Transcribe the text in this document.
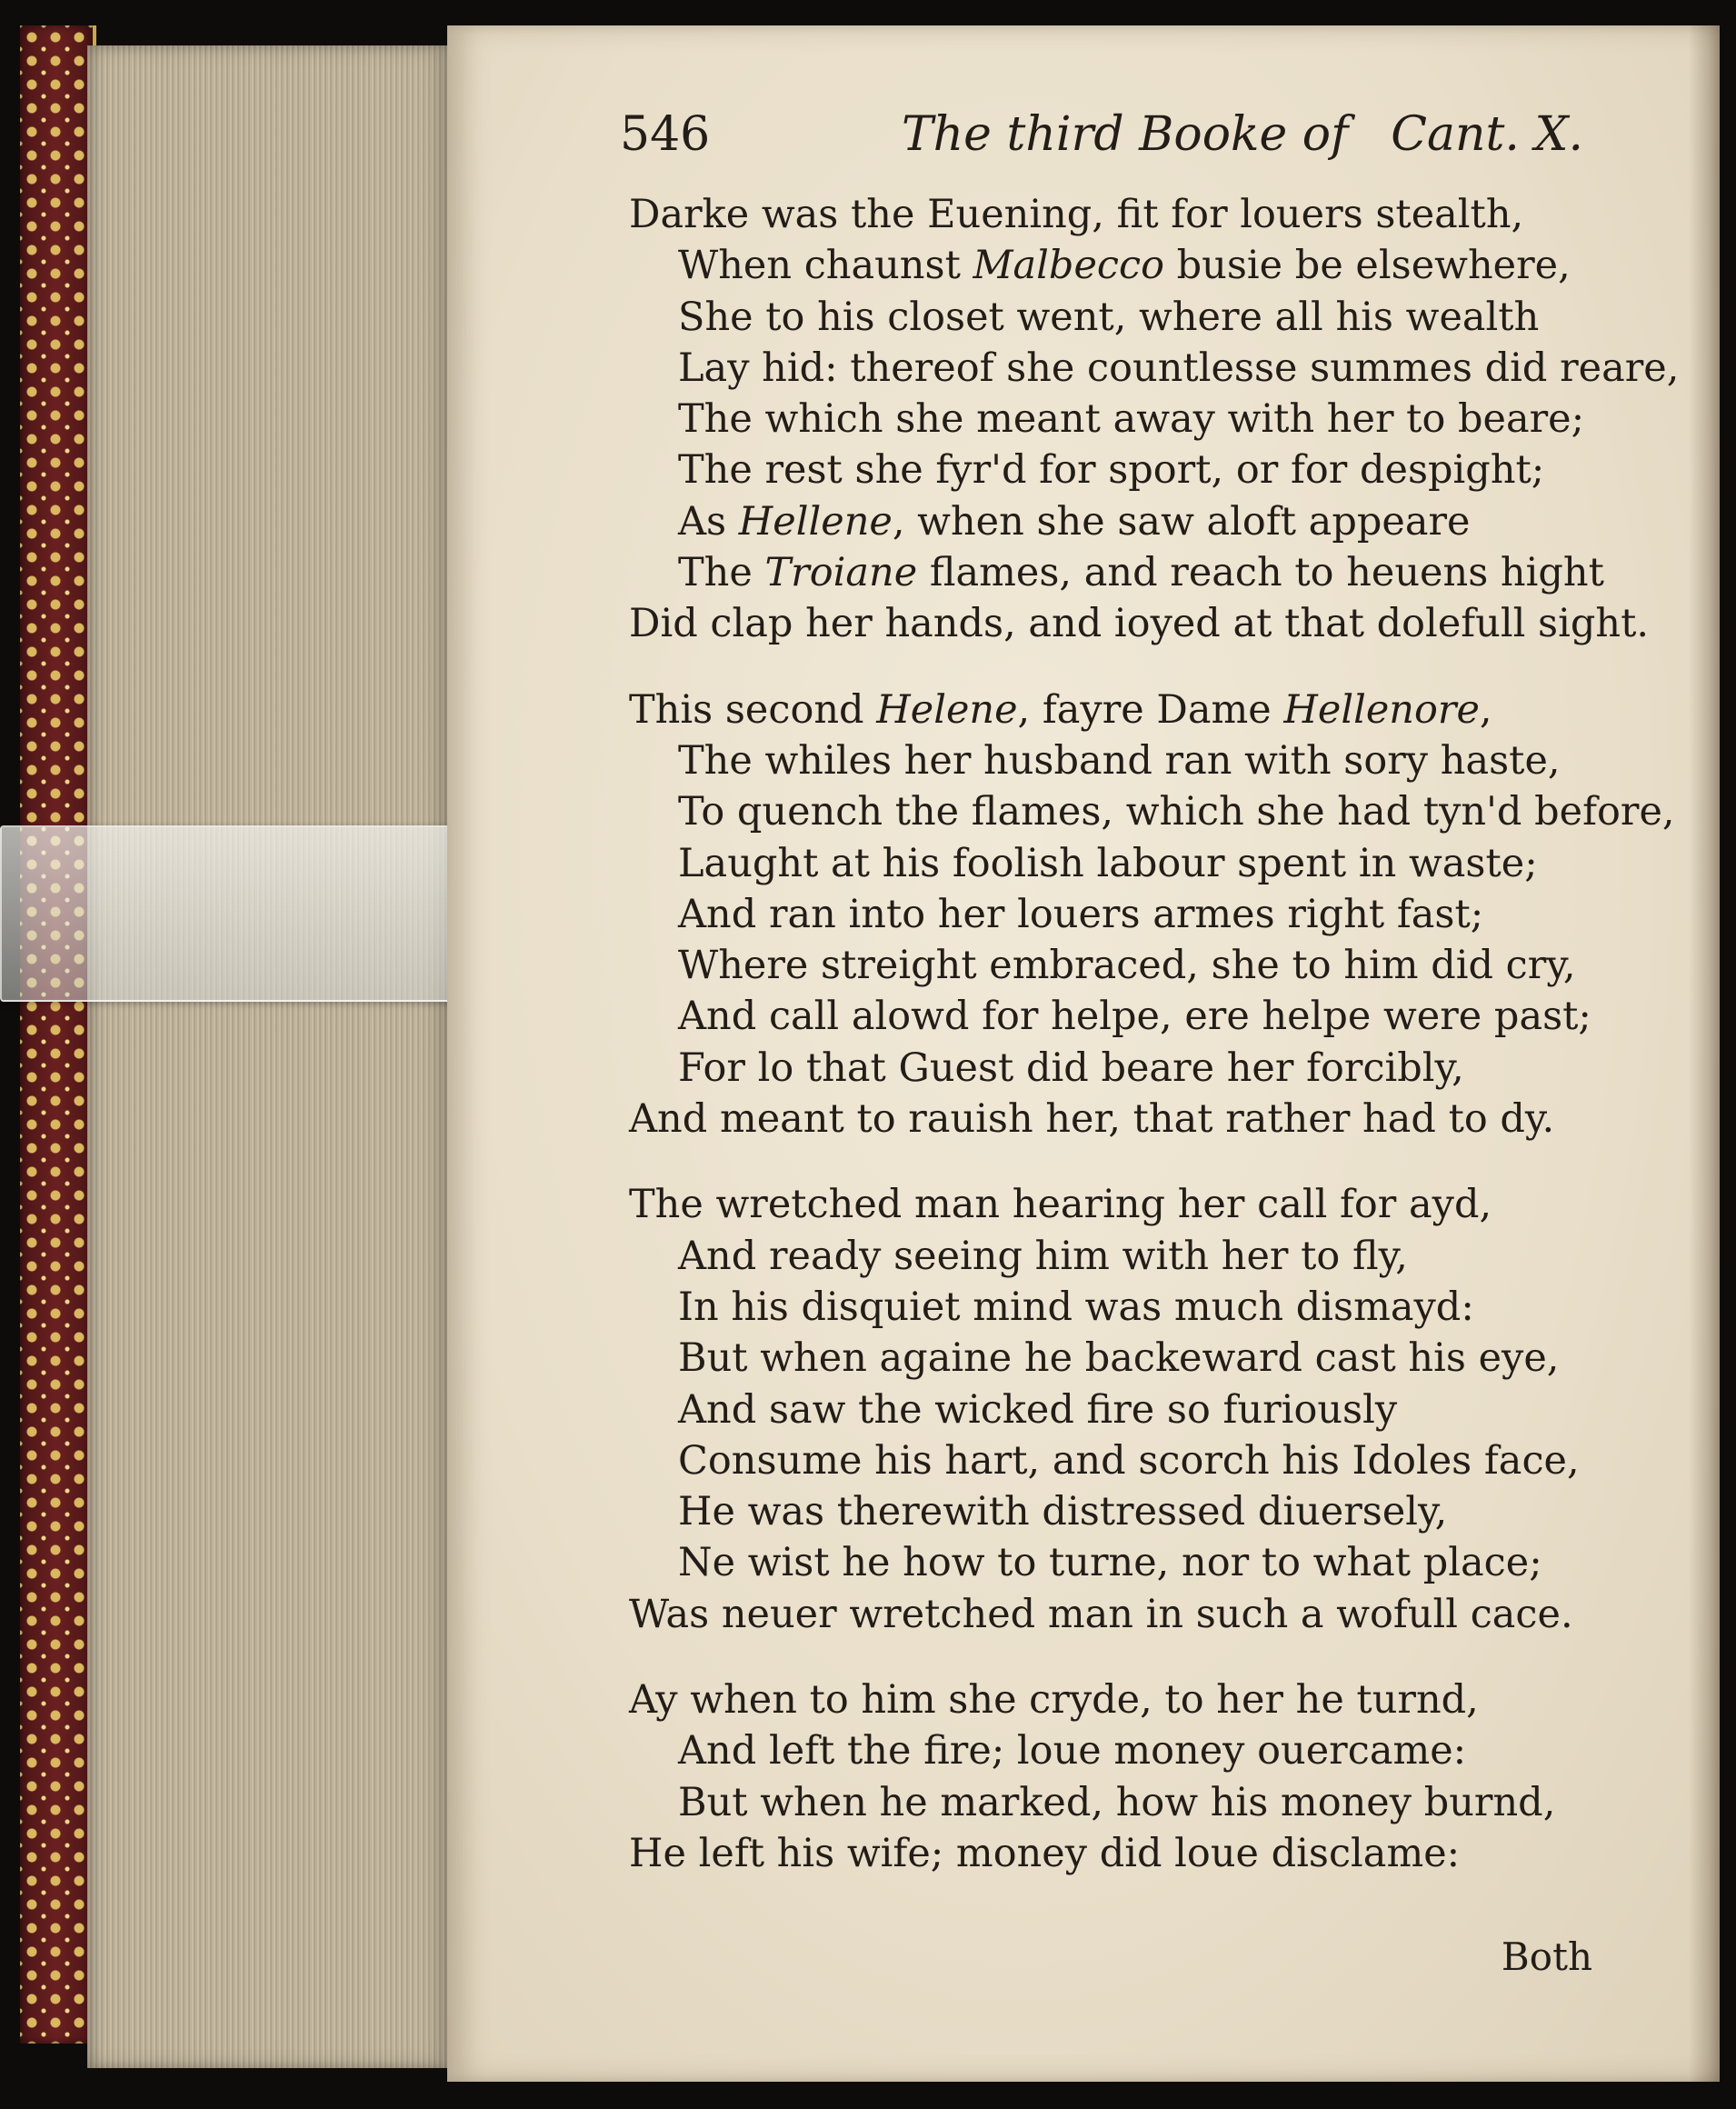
546	The third Booke of Cant. X.
Darke was the Euening, fit for louers stealth,
When chaunst Malbecco busie be elsewhere,
She to his closet went, where all his wealth
Lay hid: thereof she countlesse summes did reare,
The which she meant away with her to beare;
The rest she fyr'd for sport, or for despight;
As Hellene, when she saw aloft appeare
The Troiane flames, and reach to heuens hight
Did clap her hands, and ioyed at that dolefull sight.
This second Helene, fayre Dame Hellenore,
The whiles her husband ran with sory haste,
To quench the flames, which she had tyn'd before,
Laught at his foolish labour spent in waste;
And ran into her louers armes right fast;
Where streight embraced, she to him did cry,
And call alowd for helpe, ere helpe were past;
For lo that Guest did beare her forcibly,
And meant to rauish her, that rather had to dy.
The wretched man hearing her call for ayd,
And ready seeing him with her to fly,
In his disquiet mind was much dismayd:
But when againe he backeward cast his eye,
And saw the wicked fire so furiously
Consume his hart, and scorch his Idoles face,
He was therewith distressed diuersely,
Ne wist he how to turne, nor to what place;
Was neuer wretched man in such a wofull cace.
Ay when to him she cryde, to her he turnd,
And left the fire; loue money ouercame:
But when he marked, how his money burnd,
He left his wife; money did loue disclame:
Both
